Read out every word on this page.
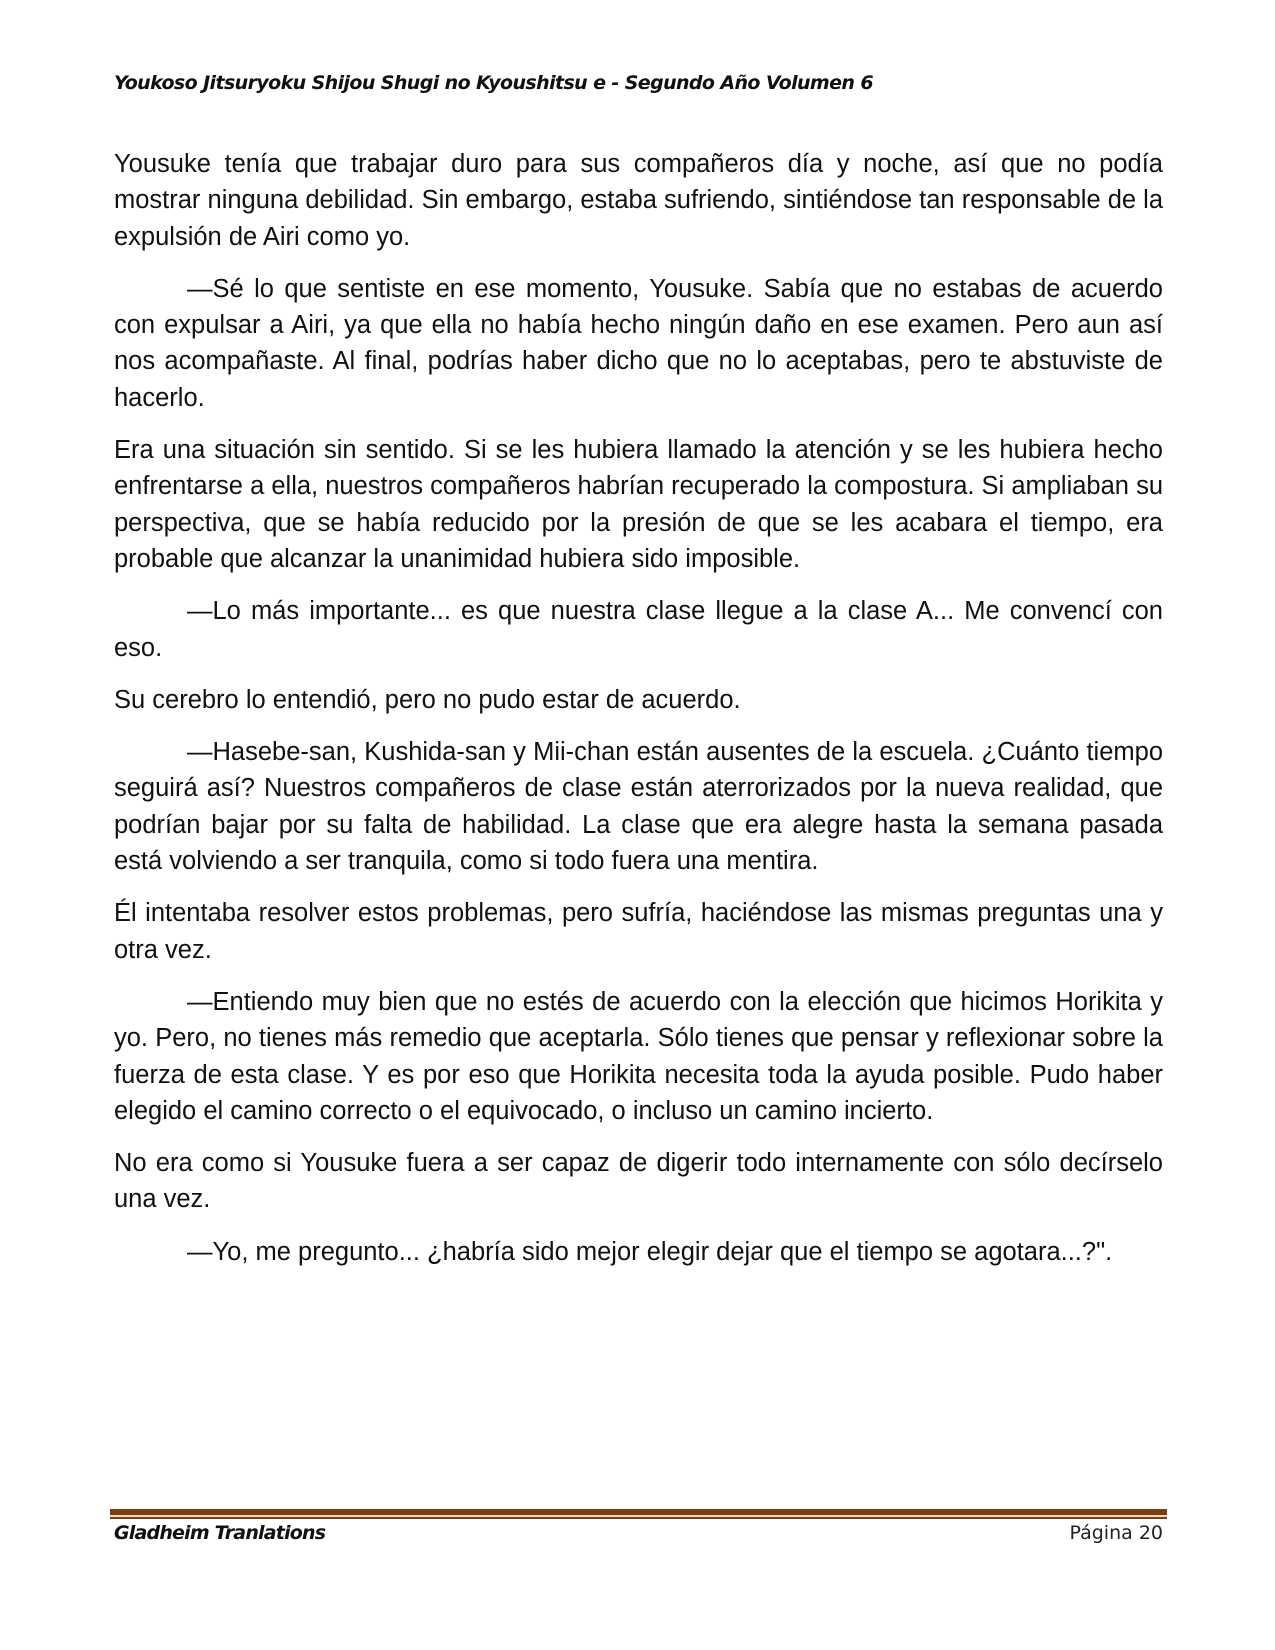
Youkoso Jitsuryoku Shijou Shugi no Kyoushitsu e - Segundo Año Volumen 6

Yousuke tenía que trabajar duro para sus compañeros día y noche, así que no podía mostrar ninguna debilidad. Sin embargo, estaba sufriendo, sintiéndose tan responsable de la expulsión de Airi como yo.

—Sé lo que sentiste en ese momento, Yousuke. Sabía que no estabas de acuerdo con expulsar a Airi, ya que ella no había hecho ningún daño en ese examen. Pero aun así nos acompañaste. Al final, podrías haber dicho que no lo aceptabas, pero te abstuviste de hacerlo.

Era una situación sin sentido. Si se les hubiera llamado la atención y se les hubiera hecho enfrentarse a ella, nuestros compañeros habrían recuperado la compostura. Si ampliaban su perspectiva, que se había reducido por la presión de que se les acabara el tiempo, era probable que alcanzar la unanimidad hubiera sido imposible.

—Lo más importante... es que nuestra clase llegue a la clase A... Me convencí con eso.

Su cerebro lo entendió, pero no pudo estar de acuerdo.

—Hasebe-san, Kushida-san y Mii-chan están ausentes de la escuela. ¿Cuánto tiempo seguirá así? Nuestros compañeros de clase están aterrorizados por la nueva realidad, que podrían bajar por su falta de habilidad. La clase que era alegre hasta la semana pasada está volviendo a ser tranquila, como si todo fuera una mentira.

Él intentaba resolver estos problemas, pero sufría, haciéndose las mismas preguntas una y otra vez.

—Entiendo muy bien que no estés de acuerdo con la elección que hicimos Horikita y yo. Pero, no tienes más remedio que aceptarla. Sólo tienes que pensar y reflexionar sobre la fuerza de esta clase. Y es por eso que Horikita necesita toda la ayuda posible. Pudo haber elegido el camino correcto o el equivocado, o incluso un camino incierto.

No era como si Yousuke fuera a ser capaz de digerir todo internamente con sólo decírselo una vez.

—Yo, me pregunto... ¿habría sido mejor elegir dejar que el tiempo se agotara...?".

Gladheim Tranlations	Página 20
